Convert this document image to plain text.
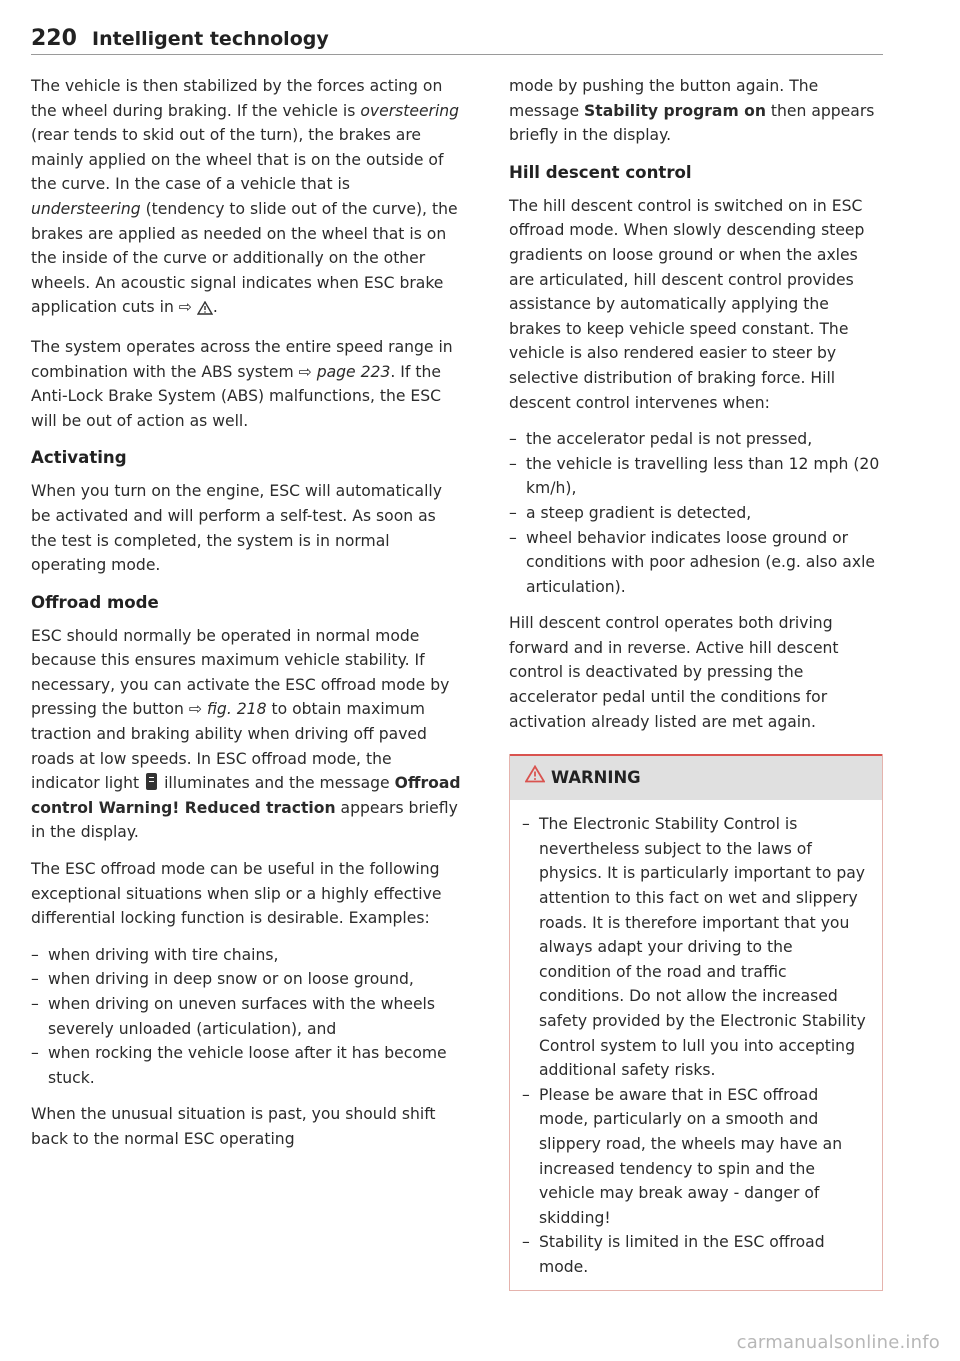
220 Intelligent technology

The vehicle is then stabilized by the forces acting on the wheel during braking. If the vehicle is oversteering (rear tends to skid out of the turn), the brakes are mainly applied on the wheel that is on the outside of the curve. In the case of a vehicle that is understeering (tendency to slide out of the curve), the brakes are applied as needed on the wheel that is on the inside of the curve or additionally on the other wheels. An acoustic signal indicates when ESC brake application cuts in ⇨ .

The system operates across the entire speed range in combination with the ABS system ⇨ page 223. If the Anti-Lock Brake System (ABS) malfunctions, the ESC will be out of action as well.

Activating

When you turn on the engine, ESC will automatically be activated and will perform a self-test. As soon as the test is completed, the system is in normal operating mode.

Offroad mode

ESC should normally be operated in normal mode because this ensures maximum vehicle stability. If necessary, you can activate the ESC offroad mode by pressing the button ⇨ fig. 218 to obtain maximum traction and braking ability when driving off paved roads at low speeds. In ESC offroad mode, the indicator light  illuminates and the message Offroad control Warning! Reduced traction appears briefly in the display.

The ESC offroad mode can be useful in the following exceptional situations when slip or a highly effective differential locking function is desirable. Examples:

– when driving with tire chains,
– when driving in deep snow or on loose ground,
– when driving on uneven surfaces with the wheels severely unloaded (articulation), and
– when rocking the vehicle loose after it has become stuck.

When the unusual situation is past, you should shift back to the normal ESC operating

mode by pushing the button again. The message Stability program on then appears briefly in the display.

Hill descent control

The hill descent control is switched on in ESC offroad mode. When slowly descending steep gradients on loose ground or when the axles are articulated, hill descent control provides assistance by automatically applying the brakes to keep vehicle speed constant. The vehicle is also rendered easier to steer by selective distribution of braking force. Hill descent control intervenes when:

– the accelerator pedal is not pressed,
– the vehicle is travelling less than 12 mph (20 km/h),
– a steep gradient is detected,
– wheel behavior indicates loose ground or conditions with poor adhesion (e.g. also axle articulation).

Hill descent control operates both driving forward and in reverse. Active hill descent control is deactivated by pressing the accelerator pedal until the conditions for activation already listed are met again.

WARNING
– The Electronic Stability Control is nevertheless subject to the laws of physics. It is particularly important to pay attention to this fact on wet and slippery roads. It is therefore important that you always adapt your driving to the condition of the road and traffic conditions. Do not allow the increased safety provided by the Electronic Stability Control system to lull you into accepting additional safety risks.
– Please be aware that in ESC offroad mode, particularly on a smooth and slippery road, the wheels may have an increased tendency to spin and the vehicle may break away - danger of skidding!
– Stability is limited in the ESC offroad mode.
carmanualsonline.info
